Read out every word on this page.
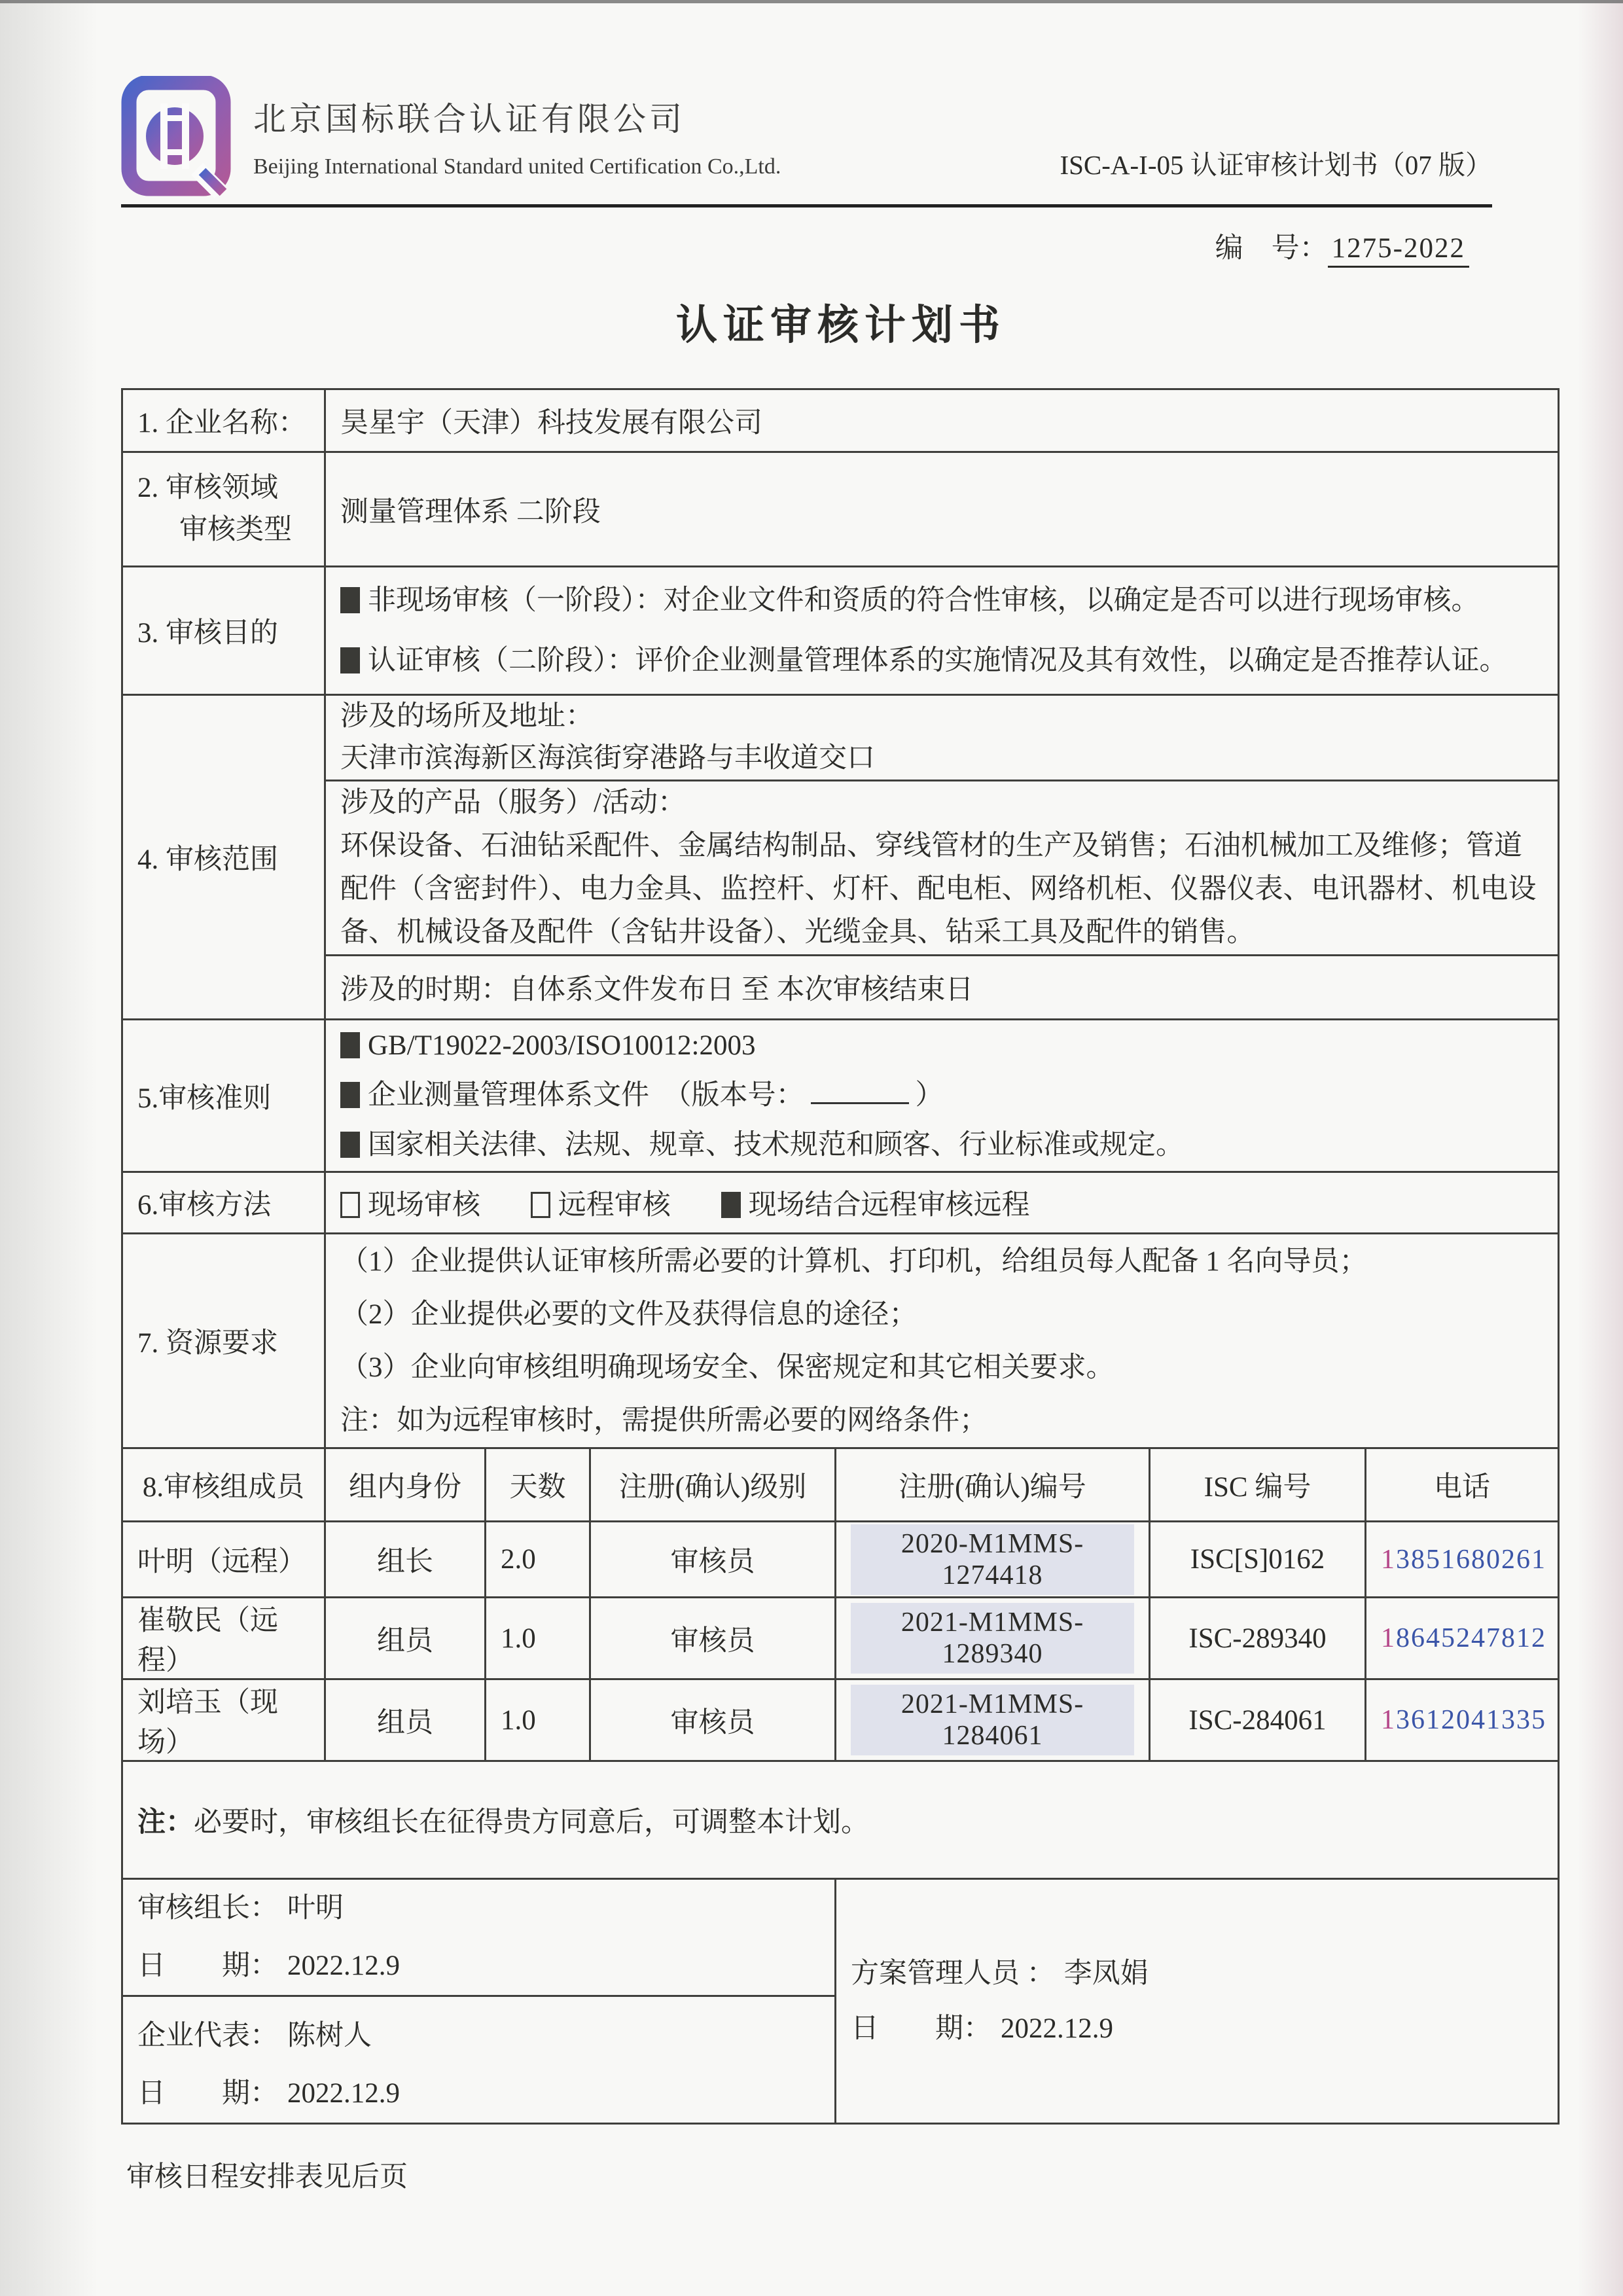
北京国标联合认证有限公司
Beijing International Standard united Certification Co.,Ltd.	ISC-A-I-05 认证审核计划书（07 版）
编　号： 1275-2022
认证审核计划书
1. 企业名称：	昊星宇（天津）科技发展有限公司					

2. 审核领域
审核类型	测量管理体系 二阶段					
3. 审核目的	非现场审核（一阶段）：对企业文件和资质的符合性审核，以确定是否可以进行现场审核。
认证审核（二阶段）：评价企业测量管理体系的实施情况及其有效性，以确定是否推荐认证。					

4. 审核范围	涉及的场所及地址：
天津市滨海新区海滨街穿港路与丰收道交口					

	涉及的产品（服务）/活动：
环保设备、石油钻采配件、金属结构制品、穿线管材的生产及销售；石油机械加工及维修；管道配件（含密封件）、电力金具、监控杆、灯杆、配电柜、网络机柜、仪器仪表、电讯器材、机电设备、机械设备及配件（含钻井设备）、光缆金具、钻采工具及配件的销售。					

	涉及的时期：自体系文件发布日 至 本次审核结束日					
5.审核准则	GB/T19022-2003/ISO10012:2003
企业测量管理体系文件　 （版本号： ）
国家相关法律、法规、规章、技术规范和顾客、行业标准或规定。					

6.审核方法	现场审核 远程审核 现场结合远程审核远程					
7. 资源要求	（1）企业提供认证审核所需必要的计算机、打印机，给组员每人配备 1 名向导员；
（2）企业提供必要的文件及获得信息的途径；
（3）企业向审核组明确现场安全、保密规定和其它相关要求。
注：如为远程审核时，需提供所需必要的网络条件；					

8.审核组成员	组内身份	天数	注册(确认)级别	注册(确认)编号	ISC 编号	电话
叶明（远程）	组长	2.0	审核员	2020-M1MMS-1274418	ISC[S]0162	13851680261

崔敬民（远程）	组员	1.0	审核员	2021-M1MMS-1289340	ISC-289340	18645247812

刘培玉（现场）	组员	1.0	审核员	2021-M1MMS-1284061	ISC-284061	13612041335

注：必要时，审核组长在征得贵方同意后，可调整本计划。						

审核组长： 叶明
日　　期： 2022.12.9	方案管理人员 ： 李凤娟
日　　期： 2022.12.9

企业代表： 陈树人
日　　期： 2022.12.9						
审核日程安排表见后页
